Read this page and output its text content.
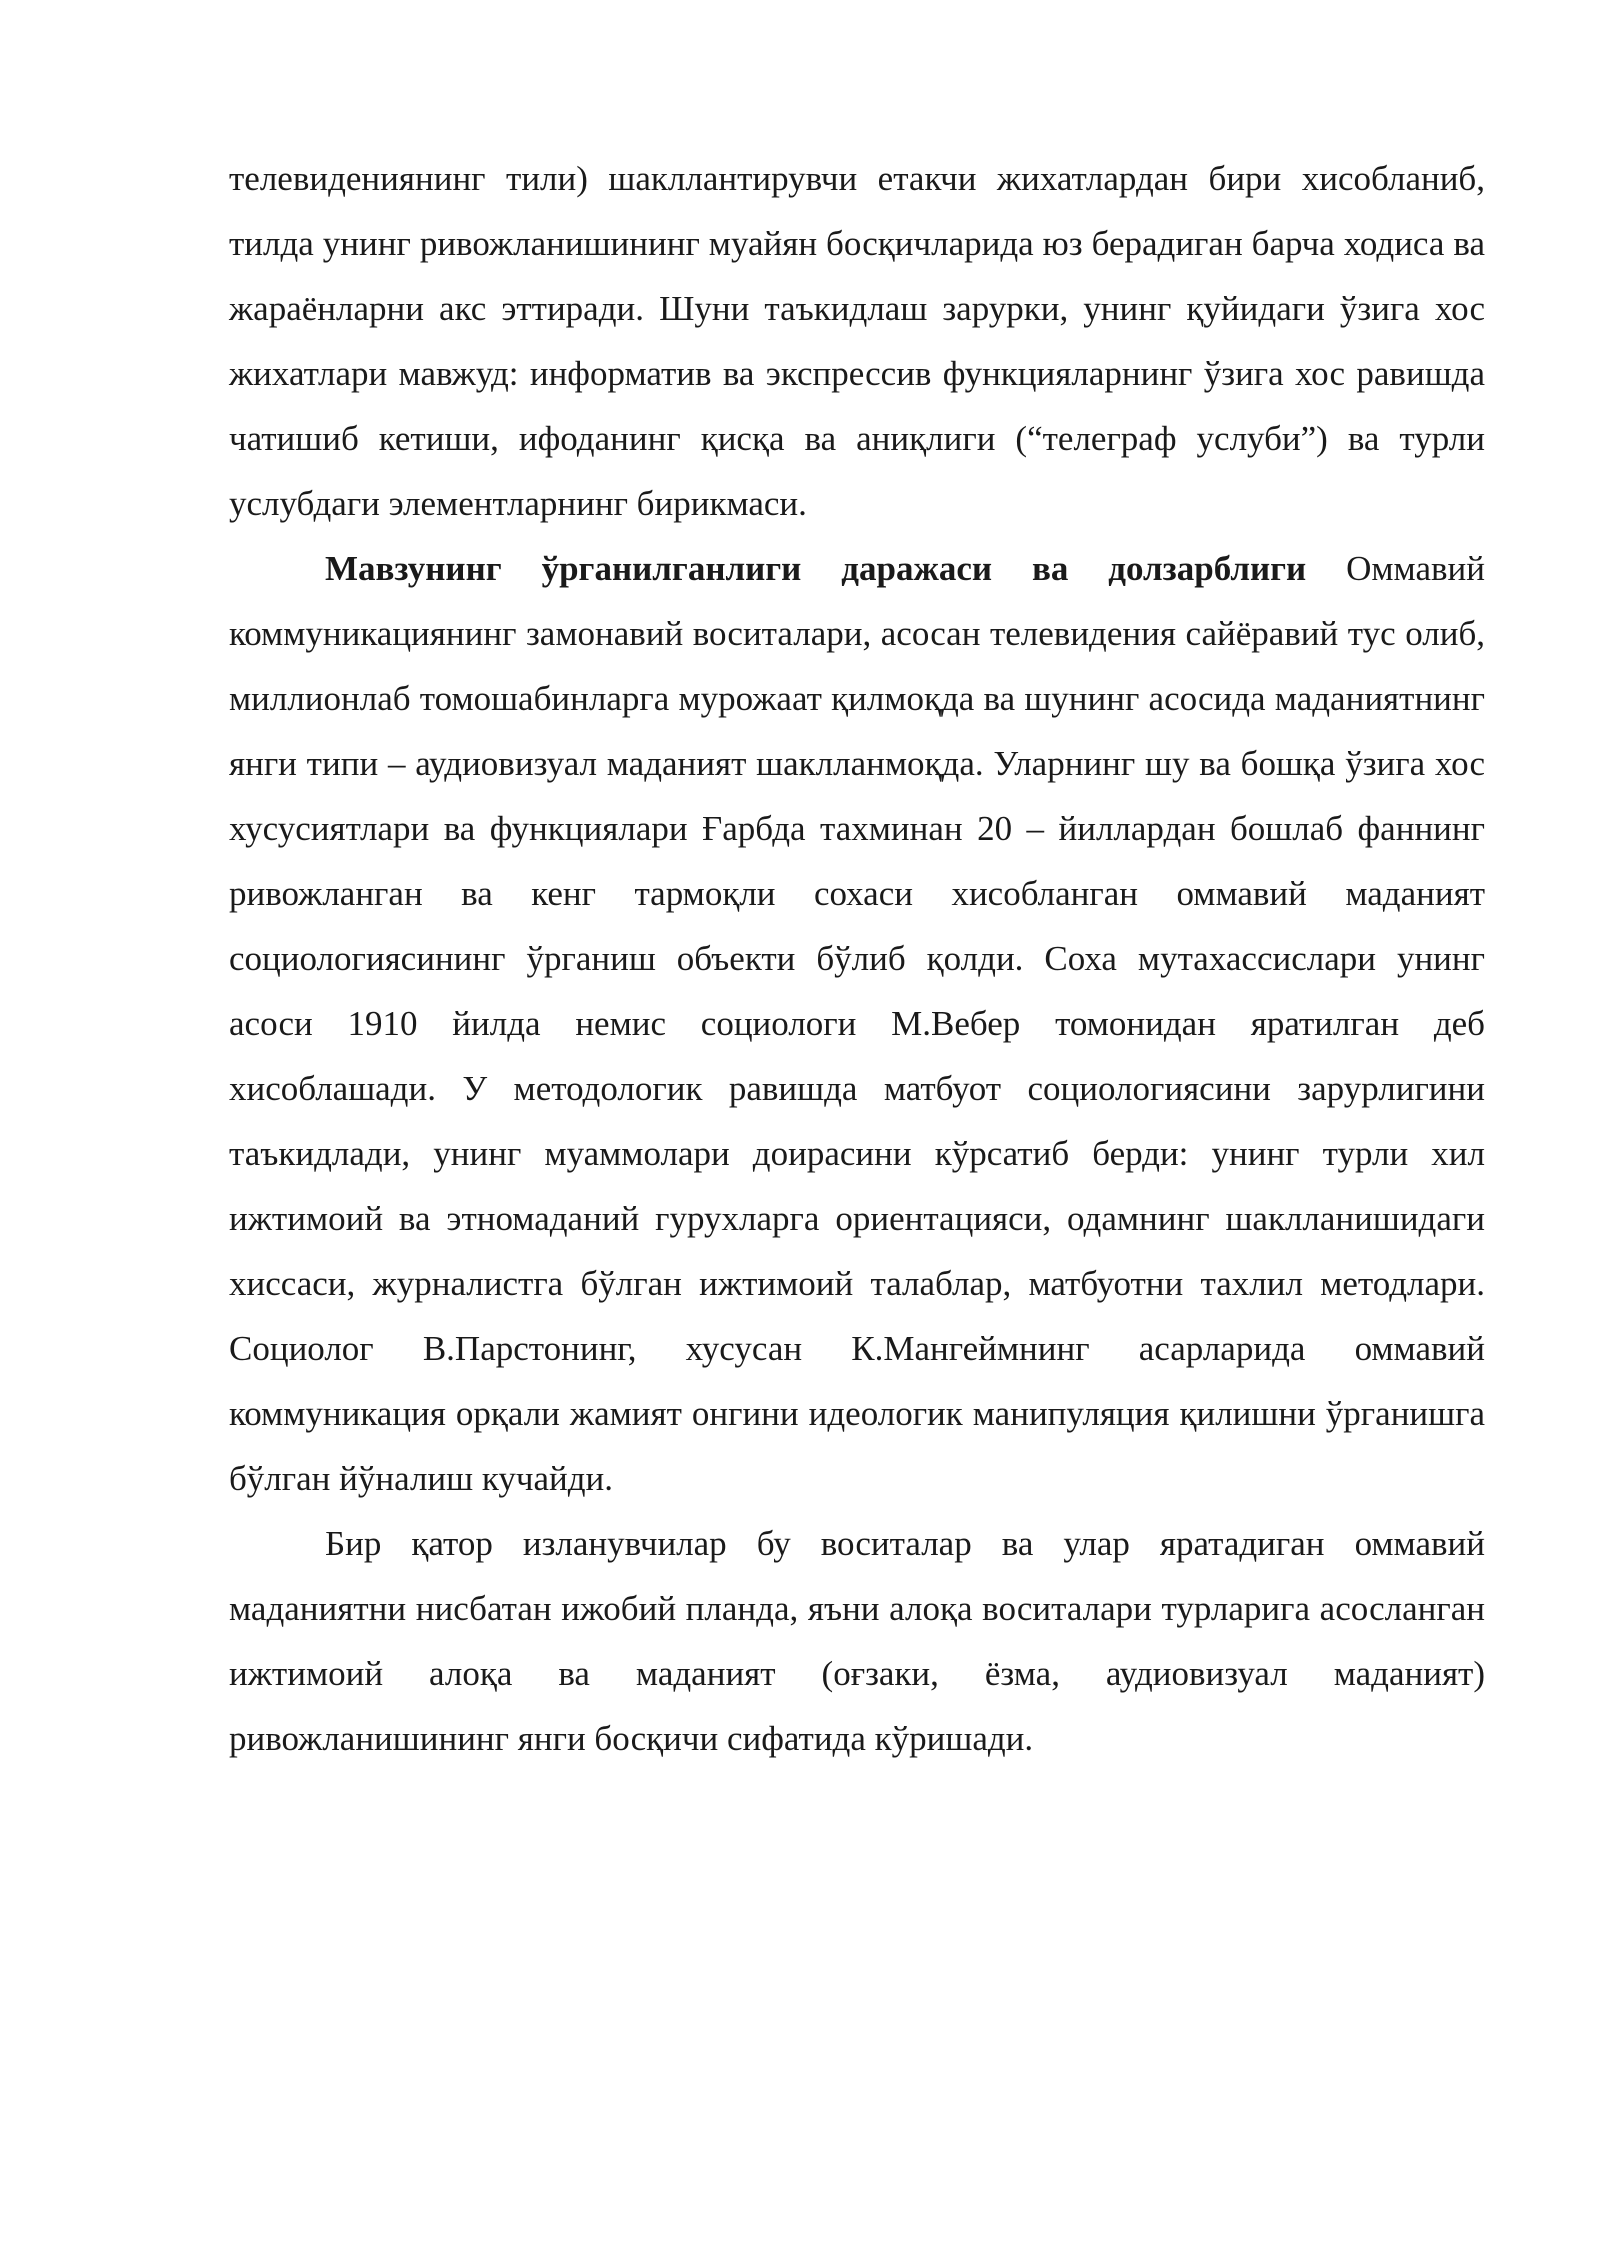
телевидениянинг тили) шакллантирувчи етакчи жихатлардан бири хисобланиб, тилда унинг ривожланишининг муайян босқичларида юз берадиган барча ходиса ва жараёнларни акс эттиради. Шуни таъкидлаш зарурки, унинг қуйидаги ўзига хос жихатлари мавжуд: информатив ва экспрессив функцияларнинг ўзига хос равишда чатишиб кетиши, ифоданинг қисқа ва аниқлиги (“телеграф услуби”) ва турли услубдаги элементларнинг бирикмаси.

Мавзунинг ўрганилганлиги даражаси ва долзарблиги Оммавий коммуникациянинг замонавий воситалари, асосан телевидения сайёравий тус олиб, миллионлаб томошабинларга мурожаат қилмоқда ва шунинг асосида маданиятнинг янги типи – аудиовизуал маданият шаклланмоқда. Уларнинг шу ва бошқа ўзига хос хусусиятлари ва функциялари Ғарбда тахминан 20 – йиллардан бошлаб фаннинг ривожланган ва кенг тармоқли сохаси хисобланган оммавий маданият социологиясининг ўрганиш объекти бўлиб қолди. Соха мутахассислари унинг асоси 1910 йилда немис социологи М.Вебер томонидан яратилган деб хисоблашади. У методологик равишда матбуот социологиясини зарурлигини таъкидлади, унинг муаммолари доирасини кўрсатиб берди: унинг турли хил ижтимоий ва этномаданий гурухларга ориентацияси, одамнинг шаклланишидаги хиссаси, журналистга бўлган ижтимоий талаблар, матбуотни тахлил методлари. Социолог В.Парстонинг, хусусан К.Мангеймнинг асарларида оммавий коммуникация орқали жамият онгини идеологик манипуляция қилишни ўрганишга бўлган йўналиш кучайди.

Бир қатор изланувчилар бу воситалар ва улар яратадиган оммавий маданиятни нисбатан ижобий планда, яъни алоқа воситалари турларига асосланган ижтимоий алоқа ва маданият (оғзаки, ёзма, аудиовизуал маданият) ривожланишининг янги босқичи сифатида кўришади.
